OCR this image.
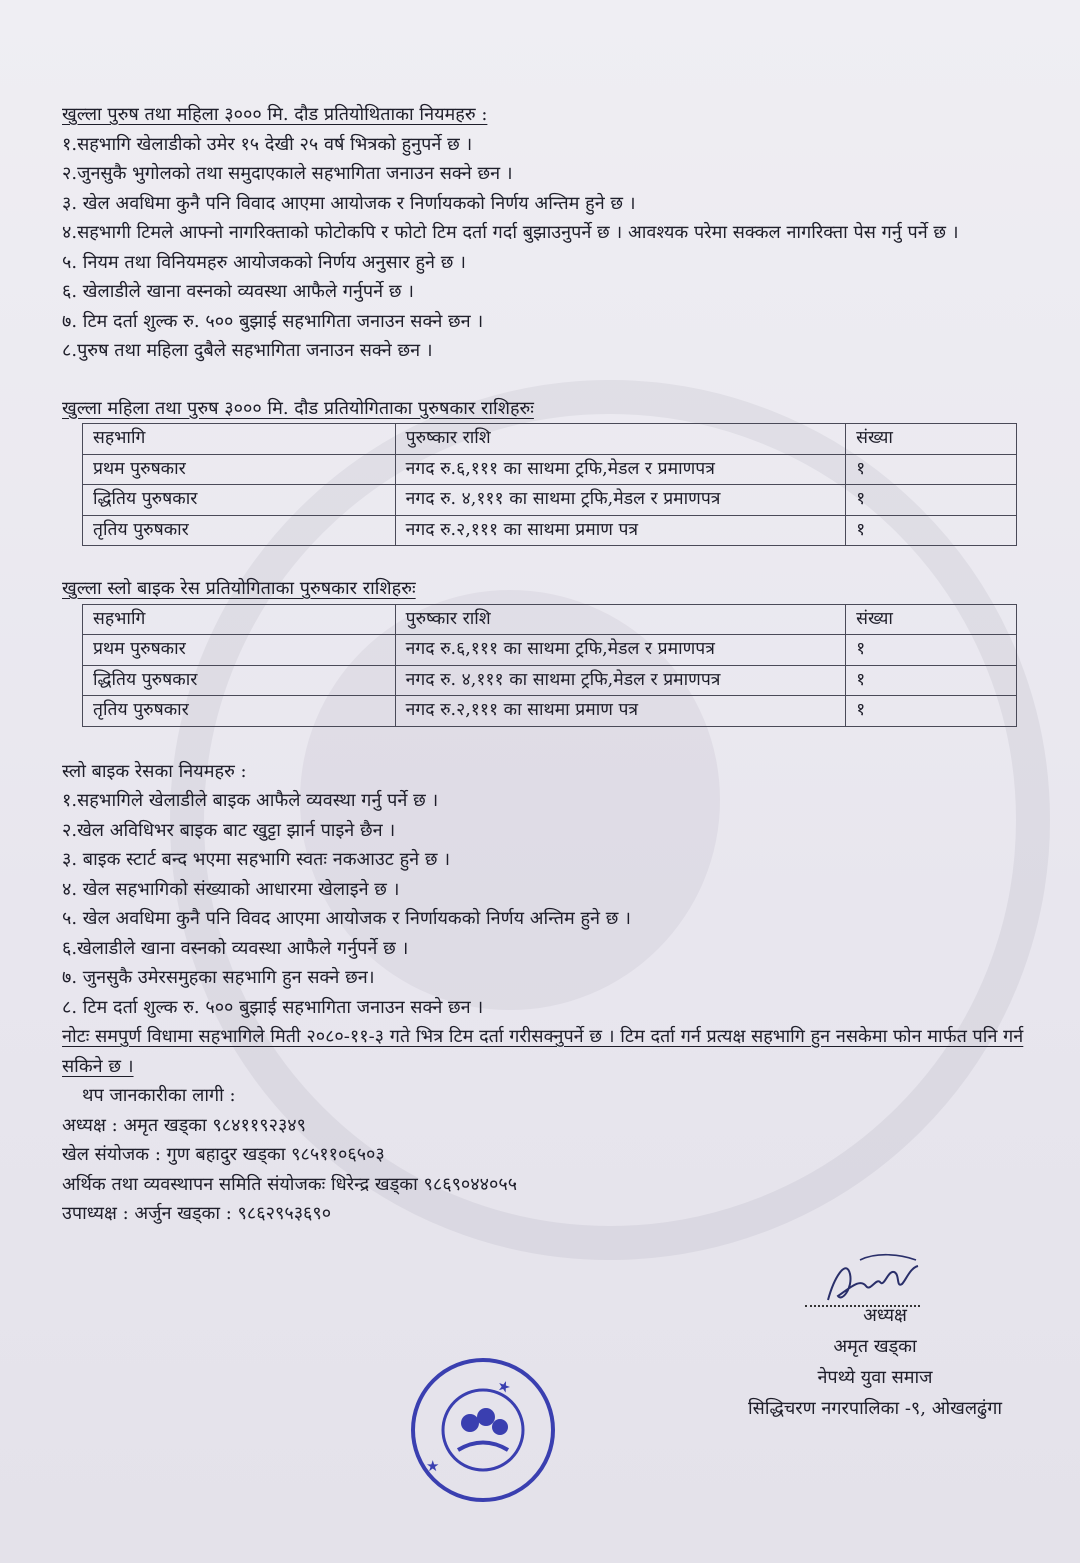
खुल्ला पुरुष तथा महिला ३००० मि. दौड प्रतियोथिताका नियमहरु :
१.सहभागि खेलाडीको उमेर १५ देखी २५ वर्ष भित्रको हुनुपर्ने छ ।
२.जुनसुकै भुगोलको तथा समुदाएकाले सहभागिता जनाउन सक्ने छन ।
३. खेल अवधिमा कुनै पनि विवाद आएमा आयोजक र निर्णायकको निर्णय अन्तिम हुने छ ।
४.सहभागी टिमले आफ्नो नागरिक्ताको फोटोकपि र फोटो टिम दर्ता गर्दा बुझाउनुपर्ने छ । आवश्यक परेमा सक्कल नागरिक्ता पेस गर्नु पर्ने छ ।
५. नियम तथा विनियमहरु आयोजकको निर्णय अनुसार हुने छ ।
६. खेलाडीले खाना वस्नको व्यवस्था आफैले गर्नुपर्ने छ ।
७. टिम दर्ता शुल्क रु. ५०० बुझाई सहभागिता जनाउन सक्ने छन ।
८.पुरुष तथा महिला दुबैले सहभागिता जनाउन सक्ने छन ।
खुल्ला महिला तथा पुरुष ३००० मि. दौड प्रतियोगिताका पुरुषकार राशिहरुः
सहभागि	पुरुष्कार राशि	संख्या
प्रथम पुरुषकार	नगद रु.६,१११ का साथमा ट्रफि,मेडल र प्रमाणपत्र	१
द्धितिय पुरुषकार	नगद रु. ४,१११ का साथमा ट्रफि,मेडल र प्रमाणपत्र	१
तृतिय पुरुषकार	नगद रु.२,१११ का साथमा प्रमाण पत्र	१
खुल्ला स्लो बाइक रेस प्रतियोगिताका पुरुषकार राशिहरुः
सहभागि	पुरुष्कार राशि	संख्या
प्रथम पुरुषकार	नगद रु.६,१११ का साथमा ट्रफि,मेडल र प्रमाणपत्र	१
द्धितिय पुरुषकार	नगद रु. ४,१११ का साथमा ट्रफि,मेडल र प्रमाणपत्र	१
तृतिय पुरुषकार	नगद रु.२,१११ का साथमा प्रमाण पत्र	१
स्लो बाइक रेसका नियमहरु :
१.सहभागिले खेलाडीले बाइक आफैले व्यवस्था गर्नु पर्ने छ ।
२.खेल अविधिभर बाइक बाट खुट्टा झार्न पाइने छैन ।
३. बाइक स्टार्ट बन्द भएमा सहभागि स्वतः नकआउट हुने छ ।
४. खेल सहभागिको संख्याको आधारमा खेलाइने छ ।
५. खेल अवधिमा कुनै पनि विवद आएमा आयोजक र निर्णायकको निर्णय अन्तिम हुने छ ।
६.खेलाडीले खाना वस्नको व्यवस्था आफैले गर्नुपर्ने छ ।
७. जुनसुकै उमेरसमुहका सहभागि हुन सक्ने छन।
८. टिम दर्ता शुल्क रु. ५०० बुझाई सहभागिता जनाउन सक्ने छन ।
नोटः समपुर्ण विधामा सहभागिले मिती २०८०-११-३ गते भित्र टिम दर्ता गरीसक्नुपर्ने छ । टिम दर्ता गर्न प्रत्यक्ष सहभागि हुन नसकेमा फोन मार्फत पनि गर्न सकिने छ ।
थप जानकारीका लागी :
अध्यक्ष : अमृत खड्का ९८४११९२३४९
खेल संयोजक : गुण बहादुर खड्का ९८५११०६५०३
अर्थिक तथा व्यवस्थापन समिति संयोजकः धिरेन्द्र खड्का ९८६९०४४०५५
उपाध्यक्ष : अर्जुन खड्का : ९८६२९५३६९०
अध्यक्ष
अमृत खड्का
नेपथ्ये युवा समाज
सिद्धिचरण नगरपालिका -९, ओखलढुंगा
★
★
